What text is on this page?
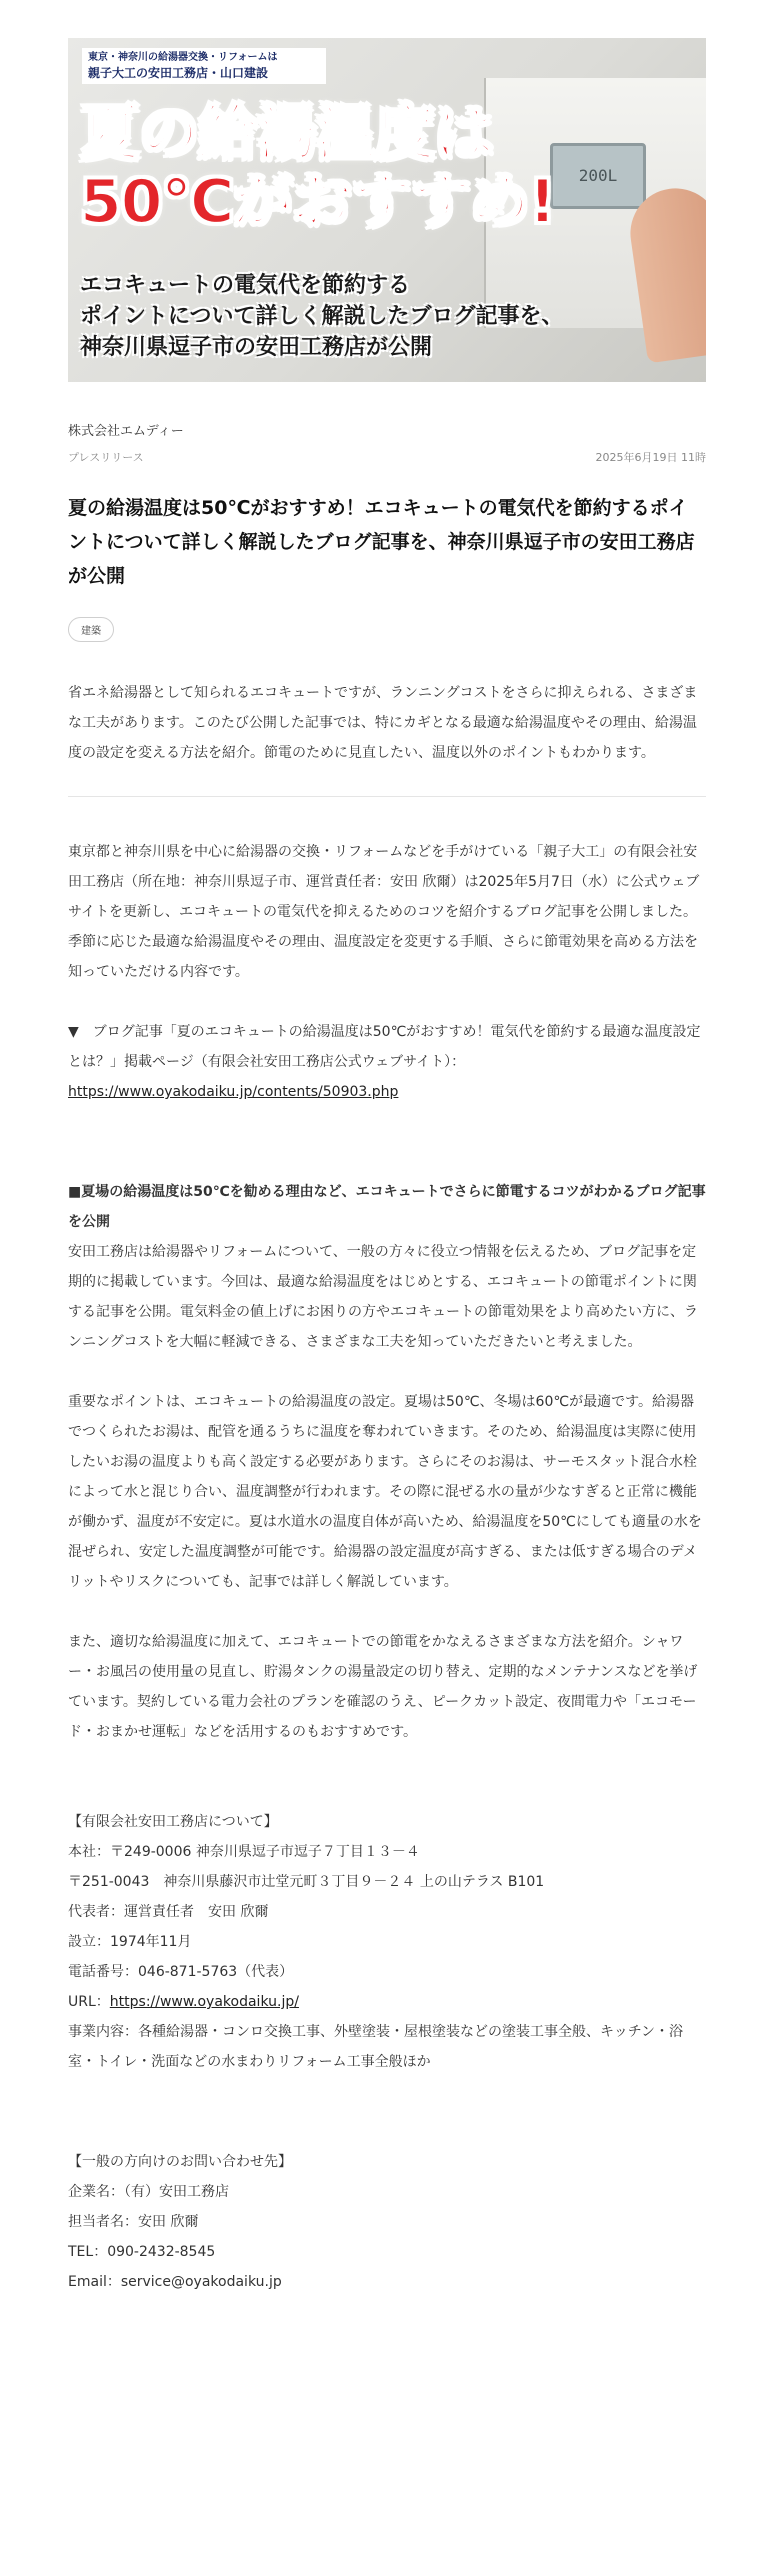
200L
東京・神奈川の給湯器交換・リフォームは
親子大工の安田工務店・山口建設
夏の給湯温度は
50℃がおすすめ!
エコキュートの電気代を節約する
ポイントについて詳しく解説したブログ記事を、
神奈川県逗子市の安田工務店が公開
株式会社エムディー
プレスリリース	2025年6月19日 11時
夏の給湯温度は50℃がおすすめ！エコキュートの電気代を節約するポイントについて詳しく解説したブログ記事を、神奈川県逗子市の安田工務店が公開
建築
省エネ給湯器として知られるエコキュートですが、ランニングコストをさらに抑えられる、さまざまな工夫があります。このたび公開した記事では、特にカギとなる最適な給湯温度やその理由、給湯温度の設定を変える方法を紹介。節電のために見直したい、温度以外のポイントもわかります。

東京都と神奈川県を中心に給湯器の交換・リフォームなどを手がけている「親子大工」の有限会社安田工務店（所在地：神奈川県逗子市、運営責任者：安田 欣爾）は2025年5月7日（水）に公式ウェブサイトを更新し、エコキュートの電気代を抑えるためのコツを紹介するブログ記事を公開しました。季節に応じた最適な給湯温度やその理由、温度設定を変更する手順、さらに節電効果を高める方法を知っていただける内容です。

▼　ブログ記事「夏のエコキュートの給湯温度は50℃がおすすめ！電気代を節約する最適な温度設定とは？」掲載ページ（有限会社安田工務店公式ウェブサイト）：
https://www.oyakodaiku.jp/contents/50903.php

■夏場の給湯温度は50℃を勧める理由など、エコキュートでさらに節電するコツがわかるブログ記事を公開

安田工務店は給湯器やリフォームについて、一般の方々に役立つ情報を伝えるため、ブログ記事を定期的に掲載しています。今回は、最適な給湯温度をはじめとする、エコキュートの節電ポイントに関する記事を公開。電気料金の値上げにお困りの方やエコキュートの節電効果をより高めたい方に、ランニングコストを大幅に軽減できる、さまざまな工夫を知っていただきたいと考えました。

重要なポイントは、エコキュートの給湯温度の設定。夏場は50℃、冬場は60℃が最適です。給湯器でつくられたお湯は、配管を通るうちに温度を奪われていきます。そのため、給湯温度は実際に使用したいお湯の温度よりも高く設定する必要があります。さらにそのお湯は、サーモスタット混合水栓によって水と混じり合い、温度調整が行われます。その際に混ぜる水の量が少なすぎると正常に機能が働かず、温度が不安定に。夏は水道水の温度自体が高いため、給湯温度を50℃にしても適量の水を混ぜられ、安定した温度調整が可能です。給湯器の設定温度が高すぎる、または低すぎる場合のデメリットやリスクについても、記事では詳しく解説しています。

また、適切な給湯温度に加えて、エコキュートでの節電をかなえるさまざまな方法を紹介。シャワー・お風呂の使用量の見直し、貯湯タンクの湯量設定の切り替え、定期的なメンテナンスなどを挙げています。契約している電力会社のプランを確認のうえ、ピークカット設定、夜間電力や「エコモード・おまかせ運転」などを活用するのもおすすめです。

【有限会社安田工務店について】
本社：〒249-0006 神奈川県逗子市逗子７丁目１３－４
〒251-0043　神奈川県藤沢市辻堂元町３丁目９－２４ 上の山テラス B101
代表者：運営責任者　安田 欣爾
設立：1974年11月
電話番号：046-871-5763（代表）
URL：https://www.oyakodaiku.jp/
事業内容：各種給湯器・コンロ交換工事、外壁塗装・屋根塗装などの塗装工事全般、キッチン・浴室・トイレ・洗面などの水まわりリフォーム工事全般ほか

【一般の方向けのお問い合わせ先】
企業名：（有）安田工務店
担当者名：安田 欣爾
TEL：090-2432-8545
Email：service@oyakodaiku.jp
